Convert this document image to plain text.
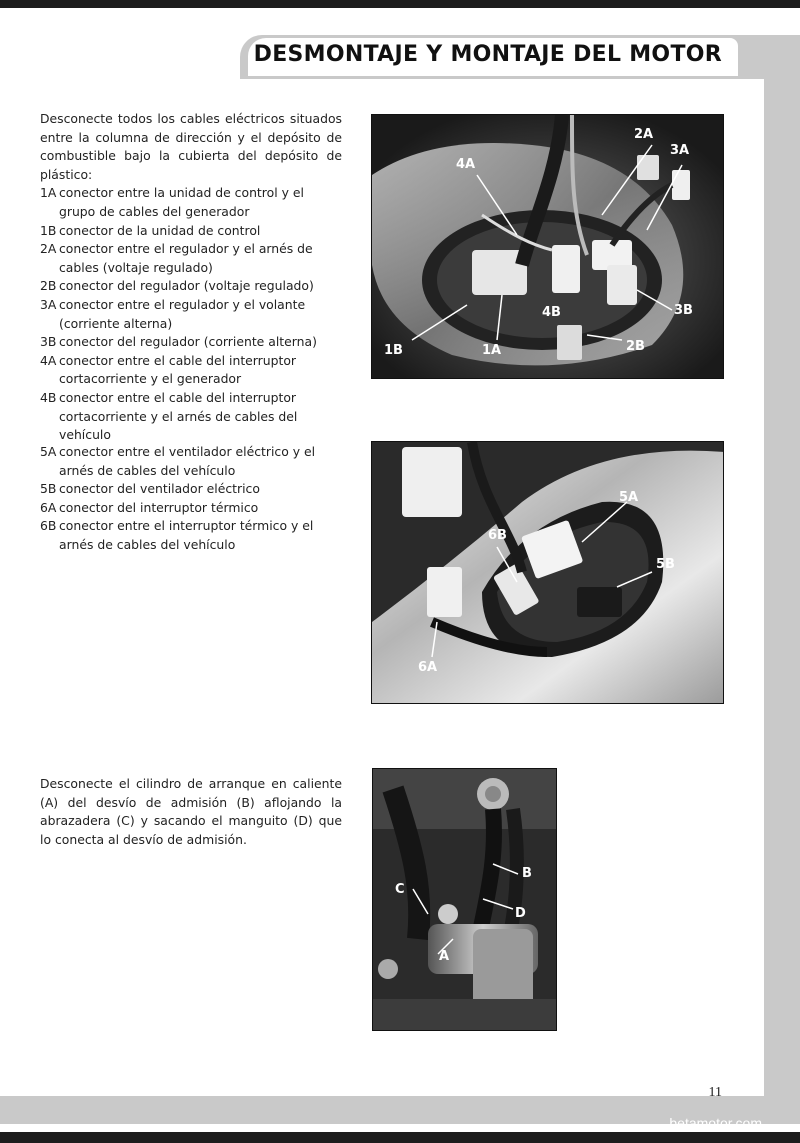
DESMONTAJE Y MONTAJE DEL MOTOR

Desconecte todos los cables eléctricos situados entre la columna de dirección y el depósito de combustible bajo la cubierta del depósito de plástico:

1A conector entre la unidad de control y el grupo de cables del generador
1B conector de la unidad de control
2A conector entre el regulador y el arnés de cables (voltaje regulado)
2B conector del regulador (voltaje regulado)
3A conector entre el regulador y el volante (corriente alterna)
3B conector del regulador (corriente alterna)
4A conector entre el cable del interruptor cortacorriente y el generador
4B conector entre el cable del interruptor cortacorriente y el arnés de cables del vehículo
2A
3A
4A
3B
1B	1A
4B
2B
5A conector entre el ventilador eléctrico y el arnés de cables del vehículo
5B conector del ventilador eléctrico
6A conector del interruptor térmico
6B conector entre el interruptor térmico y el arnés de cables del vehículo
5A
6B
5B
6A

Desconecte el cilindro de arranque en caliente (A) del desvío de admisión (B) aflojando la abrazadera (C) y sacando el manguito (D) que lo conecta al desvío de admisión.

C
B
D
A
11
betamotor.com
